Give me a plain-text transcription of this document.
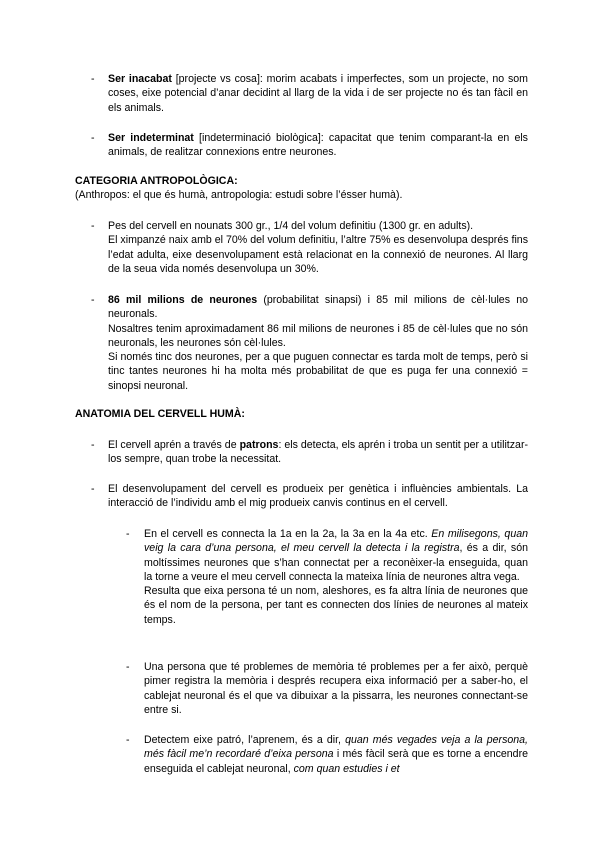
-	Ser inacabat [projecte vs cosa]: morim acabats i imperfectes, som un projecte, no som coses, eixe potencial d’anar decidint al llarg de la vida i de ser projecte no és tan fàcil en els animals.
-	Ser indeterminat [indeterminació biològica]: capacitat que tenim comparant-la en els animals, de realitzar connexions entre neurones.
CATEGORIA ANTROPOLÒGICA:
(Anthropos: el que és humà, antropologia: estudi sobre l’ésser humà).
-	Pes del cervell en nounats 300 gr., 1/4 del volum definitiu (1300 gr. en adults).

El ximpanzé naix amb el 70% del volum definitiu, l’altre 75% es desenvolupa després fins l’edat adulta, eixe desenvolupament està relacionat en la connexió de neurones. Al llarg de la seua vida només desenvolupa un 30%.

-	86 mil milions de neurones (probabilitat sinapsi) i 85 mil milions de cèl·lules no neuronals.

Nosaltres tenim aproximadament 86 mil milions de neurones i 85 de cèl·lules que no són neuronals, les neurones són cèl·lules.

Si només tinc dos neurones, per a que puguen connectar es tarda molt de temps, però si tinc tantes neurones hi ha molta més probabilitat de que es puga fer una connexió = sinopsi neuronal.

ANATOMIA DEL CERVELL HUMÀ:
-	El cervell aprén a través de patrons: els detecta, els aprén i troba un sentit per a utilitzar-los sempre, quan trobe la necessitat.
-	El desenvolupament del cervell es produeix per genètica i influències ambientals. La interacció de l’individu amb el mig produeix canvis continus en el cervell.
-	En el cervell es connecta la 1a en la 2a, la 3a en la 4a etc. En milisegons, quan veig la cara d’una persona, el meu cervell la detecta i la registra, és a dir, són moltíssimes neurones que s’han connectat per a reconèixer-la enseguida, quan la torne a veure el meu cervell connecta la mateixa línia de neurones altra vega.

Resulta que eixa persona té un nom, aleshores, es fa altra línia de neurones que és el nom de la persona, per tant es connecten dos línies de neurones al mateix temps.

-	Una persona que té problemes de memòria té problemes per a fer això, perquè pimer registra la memòria i després recupera eixa informació per a saber-ho, el cablejat neuronal és el que va dibuixar a la pissarra, les neurones connectant-se entre si.
-	Detectem eixe patró, l’aprenem, és a dir, quan més vegades veja a la persona, més fàcil me’n recordaré d’eixa persona i més fàcil serà que es torne a encendre enseguida el cablejat neuronal, com quan estudies i et
